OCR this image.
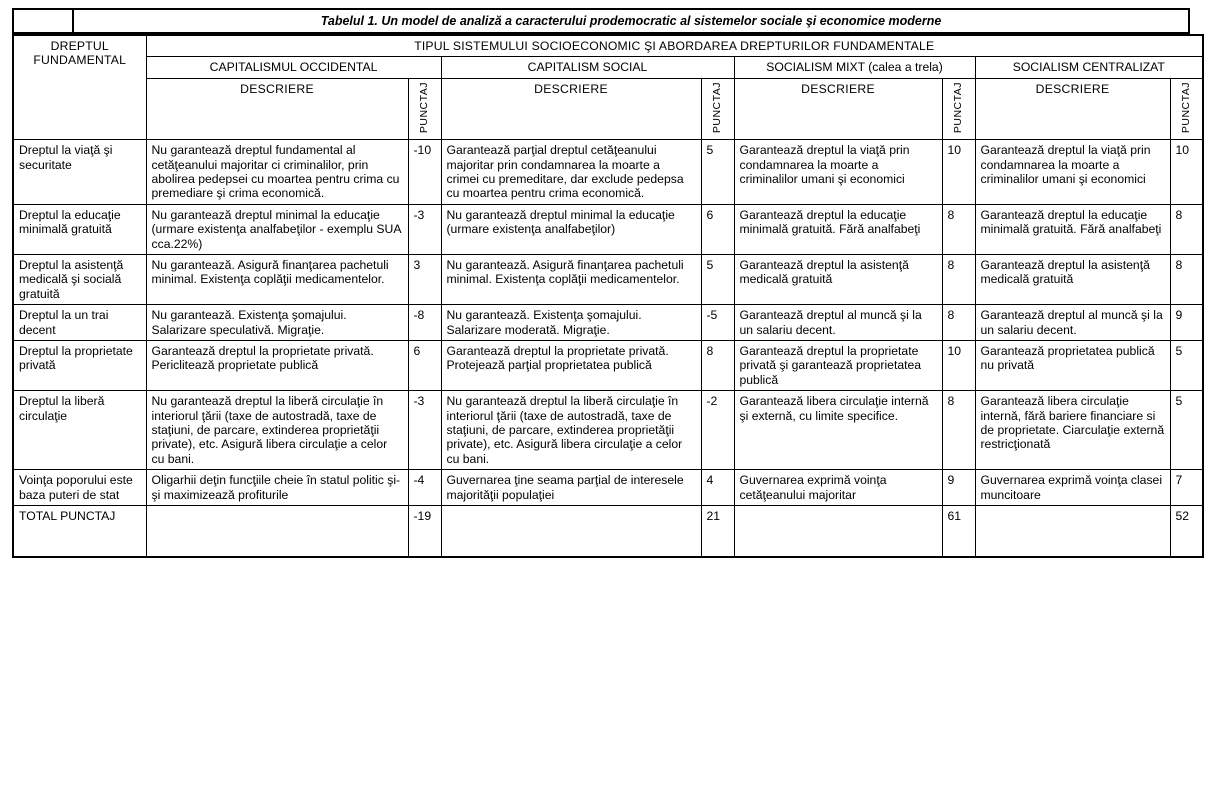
Tabelul 1. Un model de analiză a caracterului prodemocratic al sistemelor sociale şi economice moderne
DREPTUL FUNDAMENTAL	TIPUL SISTEMULUI SOCIOECONOMIC ŞI ABORDAREA DREPTURILOR FUNDAMENTALE							
	CAPITALISMUL OCCIDENTAL		CAPITALISM SOCIAL		SOCIALISM MIXT (calea a trela)		SOCIALISM CENTRALIZAT	
	DESCRIERE	PUNCTAJ	DESCRIERE	PUNCTAJ	DESCRIERE	PUNCTAJ	DESCRIERE	PUNCTAJ
Dreptul la viaţă şi securitate	Nu garantează dreptul fundamental al cetăţeanului majoritar ci criminalilor, prin abolirea pedepsei cu moartea pentru crima cu premediare şi crima economică.	-10	Garantează parţial dreptul cetăţeanului majoritar prin condamnarea la moarte a crimei cu premeditare, dar exclude pedepsa cu moartea pentru crima economică.	5	Garantează dreptul la viaţă prin condamnarea la moarte a criminalilor umani şi economici	10	Garantează dreptul la viaţă prin condamnarea la moarte a criminalilor umani şi economici	10
Dreptul la educaţie minimală gratuită	Nu garantează dreptul minimal la educaţie (urmare existenţa analfabeţilor - exemplu SUA cca.22%)	-3	Nu garantează dreptul minimal la educaţie (urmare existenţa analfabeţilor)	6	Garantează dreptul la educaţie minimală gratuită. Fără analfabeţi	8	Garantează dreptul la educaţie minimală gratuită. Fără analfabeţi	8
Dreptul la asistenţă medicală şi socială gratuită	Nu garantează. Asigură finanţarea pachetuli minimal. Existenţa coplăţii medicamentelor.	3	Nu garantează. Asigură finanţarea pachetuli minimal. Existenţa coplăţii medicamentelor.	5	Garantează dreptul la asistenţă medicală gratuită	8	Garantează dreptul la asistenţă medicală gratuită	8
Dreptul la un trai decent	Nu garantează. Existenţa şomajului. Salarizare speculativă. Migraţie.	-8	Nu garantează. Existenţa şomajului. Salarizare moderată. Migraţie.	-5	Garantează dreptul al muncă şi la un salariu decent.	8	Garantează dreptul al muncă şi la un salariu decent.	9
Dreptul la proprietate privată	Garantează dreptul la proprietate privată. Periclitează proprietate publică	6	Garantează dreptul la proprietate privată. Protejează parţial proprietatea publică	8	Garantează dreptul la proprietate privată şi garantează proprietatea publică	10	Garantează proprietatea publică nu privată	5
Dreptul la liberă circulaţie	Nu garantează dreptul la liberă circulaţie în interiorul ţării (taxe de autostradă, taxe de staţiuni, de parcare, extinderea proprietăţii private), etc. Asigură libera circulaţie a celor cu bani.	-3	Nu garantează dreptul la liberă circulaţie în interiorul ţării (taxe de autostradă, taxe de staţiuni, de parcare, extinderea proprietăţii private), etc. Asigură libera circulaţie a celor cu bani.	-2	Garantează libera circulaţie internă şi externă, cu limite specifice.	8	Garantează libera circulaţie internă, fără bariere financiare si de proprietate. Ciarculaţie externă restricţionată	5
Voinţa poporului este baza puteri de stat	Oligarhii deţin funcţiile cheie în statul politic şi-şi maximizează profiturile	-4	Guvernarea ţine seama parţial de interesele majorităţii populaţiei	4	Guvernarea exprimă voinţa cetăţeanului majoritar	9	Guvernarea exprimă voinţa clasei muncitoare	7
TOTAL PUNCTAJ		-19		21		61		52
